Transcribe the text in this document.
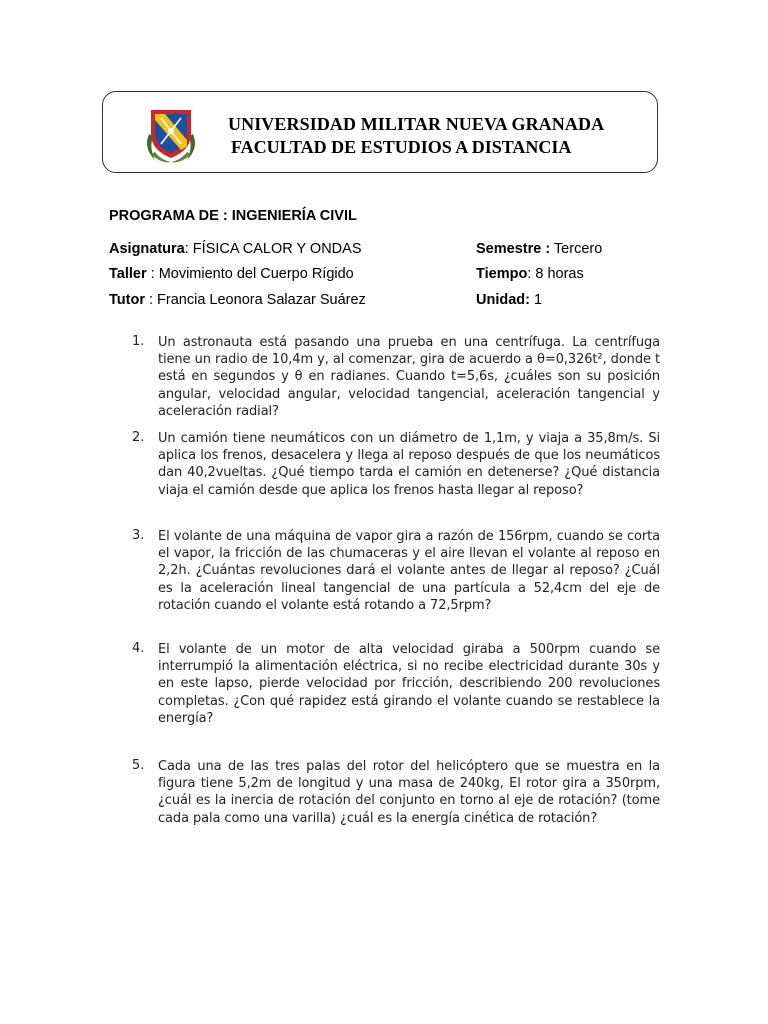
UNIVERSIDAD MILITAR NUEVA GRANADA
FACULTAD DE ESTUDIOS A DISTANCIA
PROGRAMA DE : INGENIERÍA CIVIL
Asignatura: FÍSICA CALOR Y ONDAS	Semestre : Tercero
Taller : Movimiento del Cuerpo Rígido	Tiempo: 8 horas
Tutor : Francia Leonora Salazar Suárez	Unidad: 1
1. Un astronauta está pasando una prueba en una centrífuga. La centrífuga tiene un radio de 10,4m y, al comenzar, gira de acuerdo a θ=0,326t², donde t está en segundos y θ en radianes. Cuando t=5,6s, ¿cuáles son su posición angular, velocidad angular, velocidad tangencial, aceleración tangencial y aceleración radial?
2. Un camión tiene neumáticos con un diámetro de 1,1m, y viaja a 35,8m/s. Si aplica los frenos, desacelera y llega al reposo después de que los neumáticos dan 40,2vueltas. ¿Qué tiempo tarda el camión en detenerse? ¿Qué distancia viaja el camión desde que aplica los frenos hasta llegar al reposo?
3. El volante de una máquina de vapor gira a razón de 156rpm, cuando se corta el vapor, la fricción de las chumaceras y el aire llevan el volante al reposo en 2,2h. ¿Cuántas revoluciones dará el volante antes de llegar al reposo? ¿Cuál es la aceleración lineal tangencial de una partícula a 52,4cm del eje de rotación cuando el volante está rotando a 72,5rpm?
4. El volante de un motor de alta velocidad giraba a 500rpm cuando se interrumpió la alimentación eléctrica, si no recibe electricidad durante 30s y en este lapso, pierde velocidad por fricción, describiendo 200 revoluciones completas. ¿Con qué rapidez está girando el volante cuando se restablece la energía?
5. Cada una de las tres palas del rotor del helicóptero que se muestra en la figura tiene 5,2m de longitud y una masa de 240kg, El rotor gira a 350rpm, ¿cuál es la inercia de rotación del conjunto en torno al eje de rotación? (tome cada pala como una varilla) ¿cuál es la energía cinética de rotación?
